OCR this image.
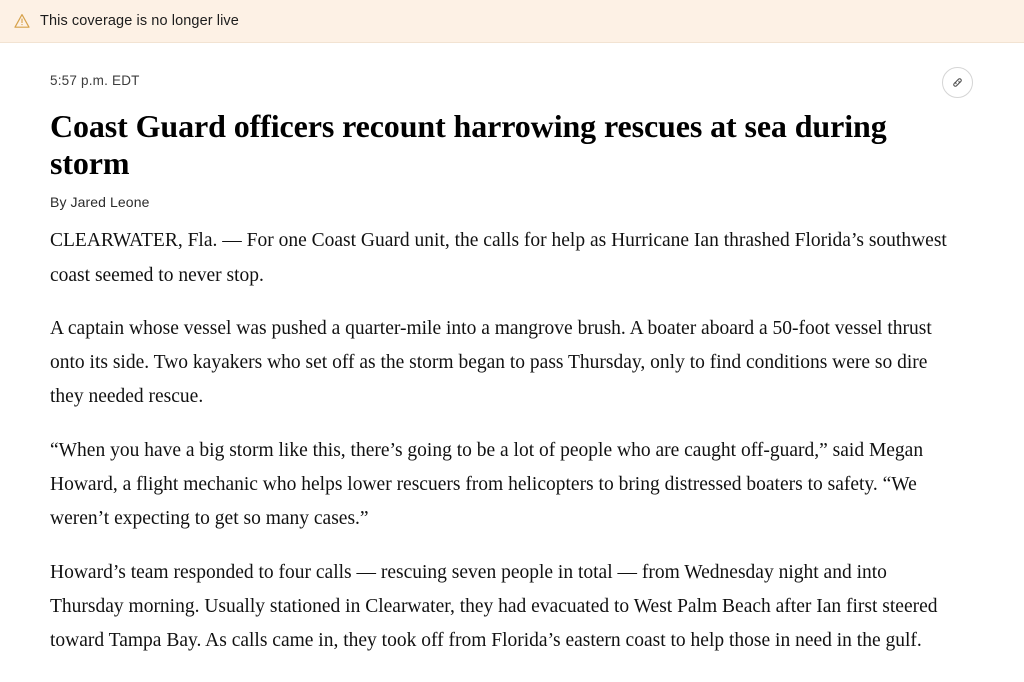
This coverage is no longer live
5:57 p.m. EDT
Coast Guard officers recount harrowing rescues at sea during storm
By Jared Leone

CLEARWATER, Fla. — For one Coast Guard unit, the calls for help as Hurricane Ian thrashed Florida’s southwest coast seemed to never stop.

A captain whose vessel was pushed a quarter-mile into a mangrove brush. A boater aboard a 50-foot vessel thrust onto its side. Two kayakers who set off as the storm began to pass Thursday, only to find conditions were so dire they needed rescue.

“When you have a big storm like this, there’s going to be a lot of people who are caught off-guard,” said Megan Howard, a flight mechanic who helps lower rescuers from helicopters to bring distressed boaters to safety. “We weren’t expecting to get so many cases.”

Howard’s team responded to four calls — rescuing seven people in total — from Wednesday night and into Thursday morning. Usually stationed in Clearwater, they had evacuated to West Palm Beach after Ian first steered toward Tampa Bay. As calls came in, they took off from Florida’s eastern coast to help those in need in the gulf.
